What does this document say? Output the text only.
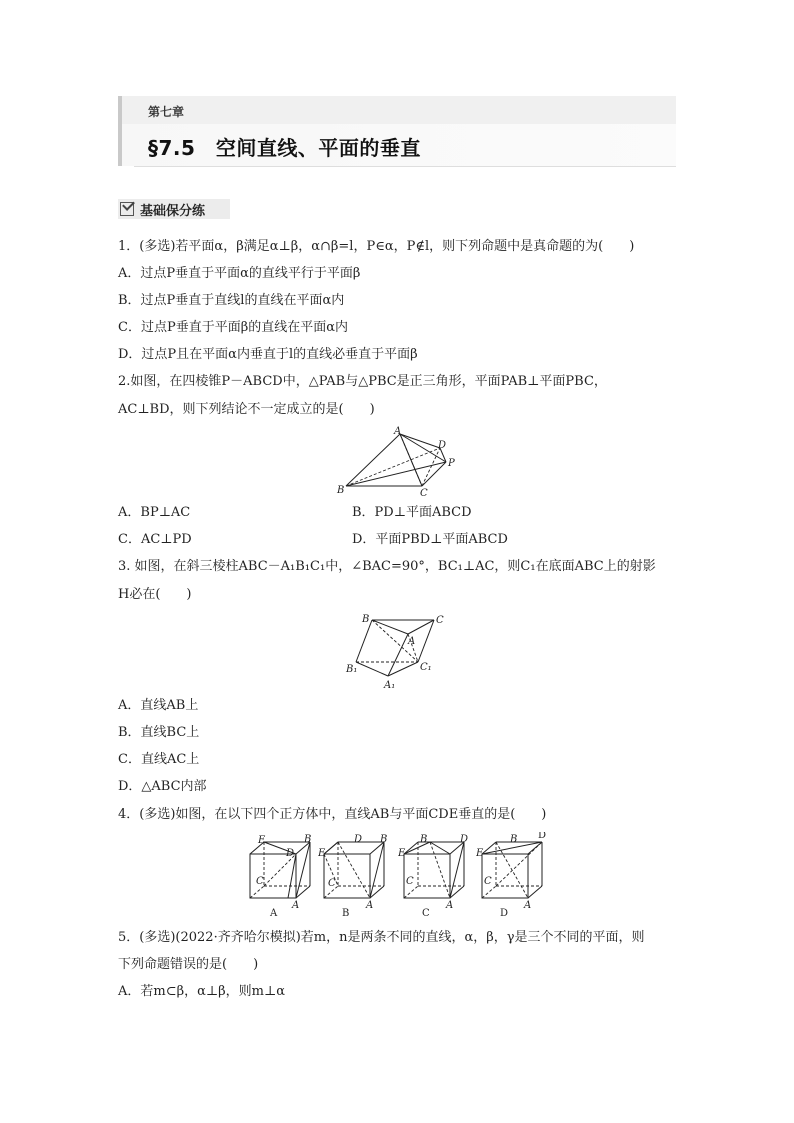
第七章
§7.5　空间直线、平面的垂直
基础保分练
1．(多选)若平面α，β满足α⊥β，α∩β=l，P∈α，P∉l，则下列命题中是真命题的为(　　)
A．过点P垂直于平面α的直线平行于平面β
B．过点P垂直于直线l的直线在平面α内
C．过点P垂直于平面β的直线在平面α内
D．过点P且在平面α内垂直于l的直线必垂直于平面β
2.如图，在四棱锥P－ABCD中，△PAB与△PBC是正三角形，平面PAB⊥平面PBC，
AC⊥BD，则下列结论不一定成立的是(　　)
A
B	C
D
P
A．BP⊥AC	B．PD⊥平面ABCD
C．AC⊥PD	D．平面PBD⊥平面ABCD
3. 如图，在斜三棱柱ABC－A₁B₁C₁中，∠BAC=90°，BC₁⊥AC，则C₁在底面ABC上的射影
H必在(　　)
B	C
A
B₁	C₁
A₁
A．直线AB上
B．直线BC上
C．直线AC上
D．△ABC内部
4．(多选)如图，在以下四个正方体中，直线AB与平面CDE垂直的是(　　)
E	B
D
C
A
A
E
D B
C
A
B
E
B	D
C
A
C
E
B D
C
A
D
5．(多选)(2022·齐齐哈尔模拟)若m，n是两条不同的直线，α，β，γ是三个不同的平面，则
下列命题错误的是(　　)
A．若m⊂β，α⊥β，则m⊥α
